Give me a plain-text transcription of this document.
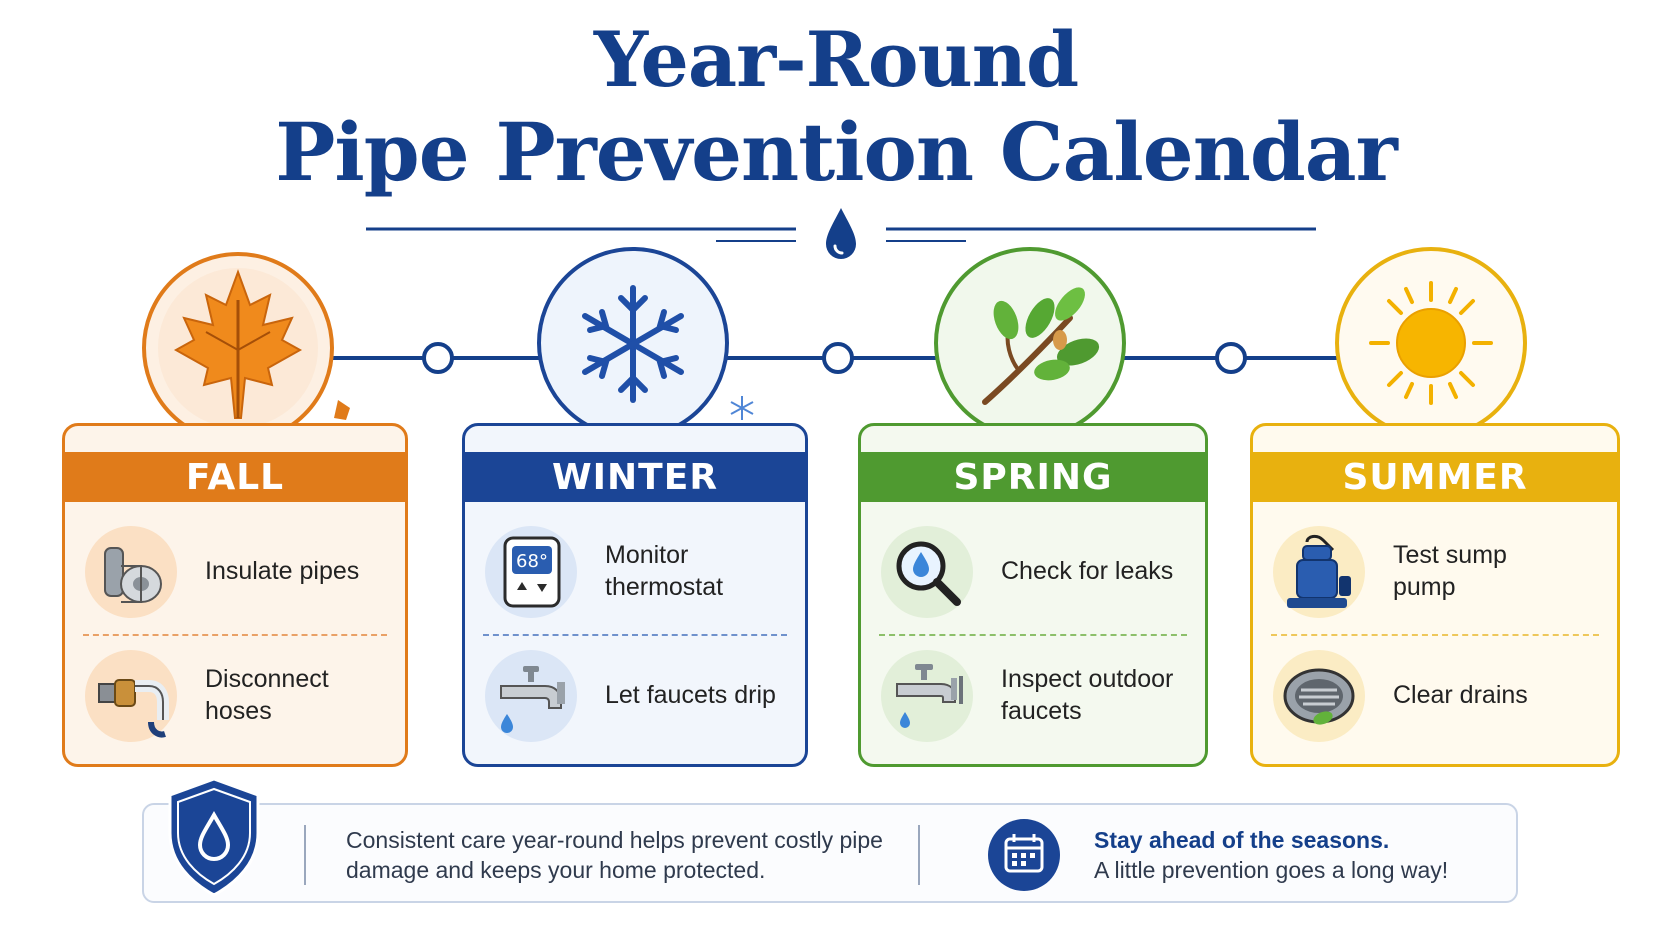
Year-Round
Pipe Prevention Calendar
FALL
Insulate pipes
Disconnect hoses
WINTER
68° Monitor thermostat
Let faucets drip
SPRING
Check for leaks
Inspect outdoor faucets
SUMMER
Test sump pump
Clear drains
Consistent care year-round helps prevent costly pipe damage and keeps your home protected.
Stay ahead of the seasons.
A little prevention goes a long way!
